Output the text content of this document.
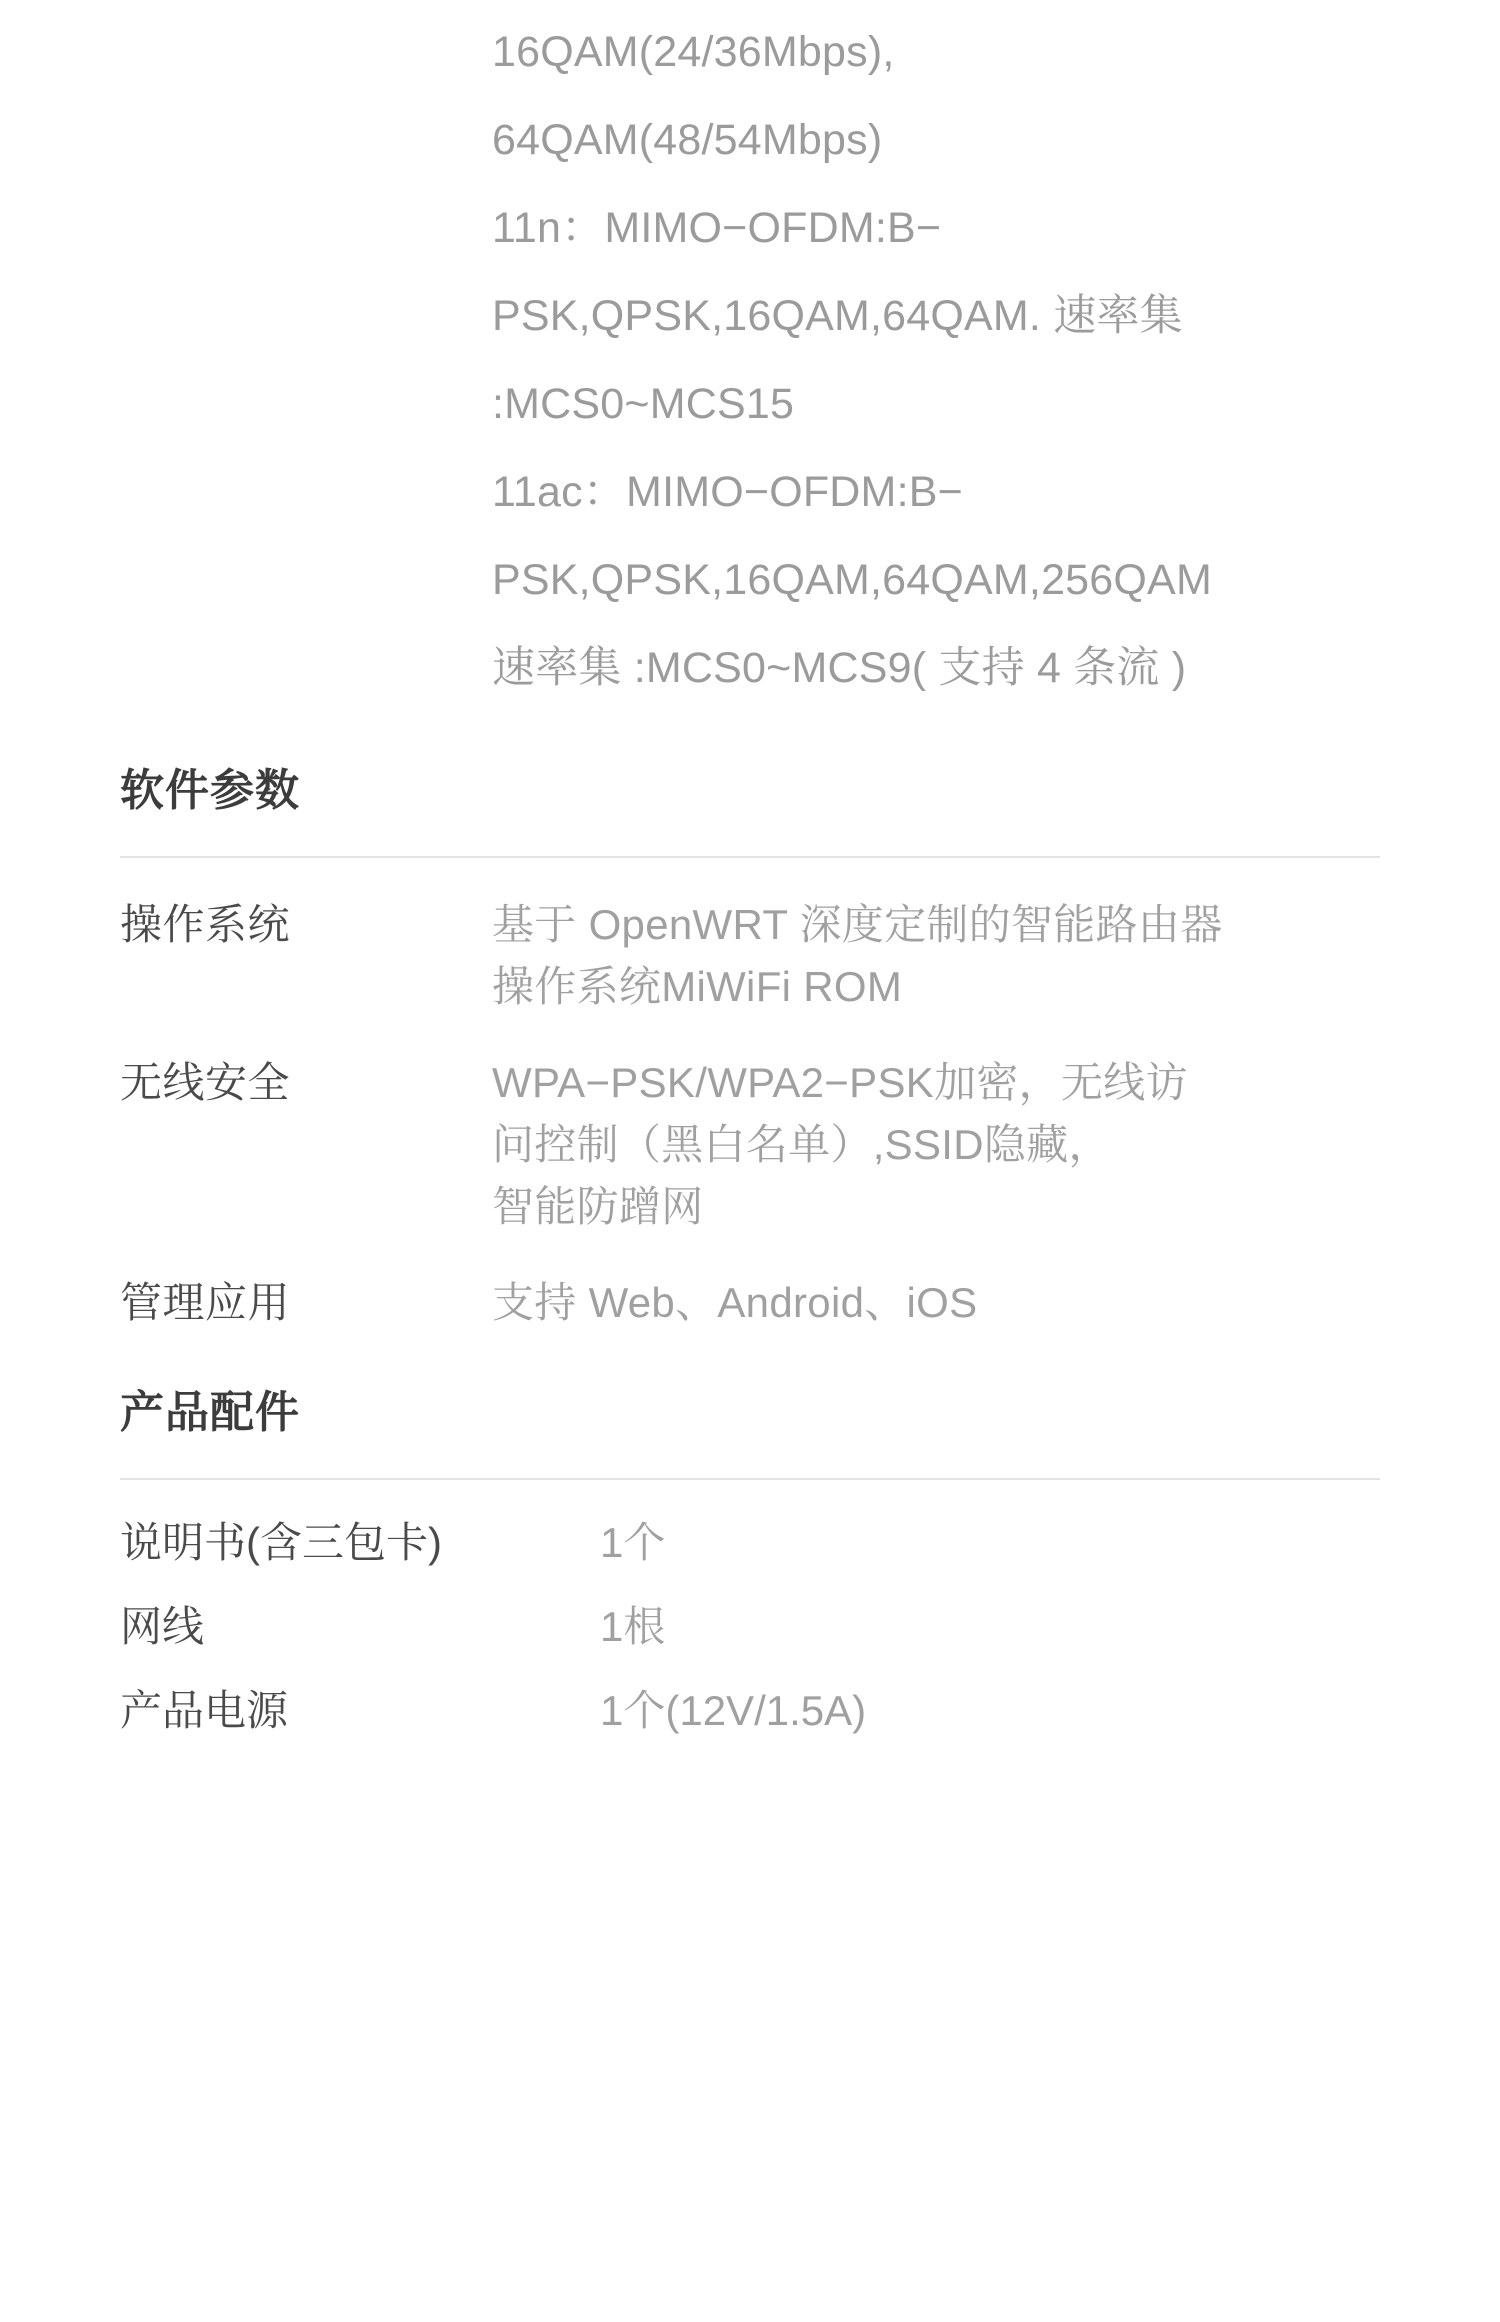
16QAM(24/36Mbps),
64QAM(48/54Mbps)
11n：MIMO−OFDM:B−
PSK,QPSK,16QAM,64QAM. 速率集
:MCS0~MCS15
11ac：MIMO−OFDM:B−
PSK,QPSK,16QAM,64QAM,256QAM
速率集 :MCS0~MCS9( 支持 4 条流 )
软件参数
操作系统	基于 OpenWRT 深度定制的智能路由器
操作系统MiWiFi ROM
无线安全	WPA−PSK/WPA2−PSK加密，无线访
问控制（黑白名单）,SSID隐藏，
智能防蹭网
管理应用	支持 Web、Android、iOS
产品配件
说明书(含三包卡)	1个
网线	1根
产品电源	1个(12V/1.5A)
